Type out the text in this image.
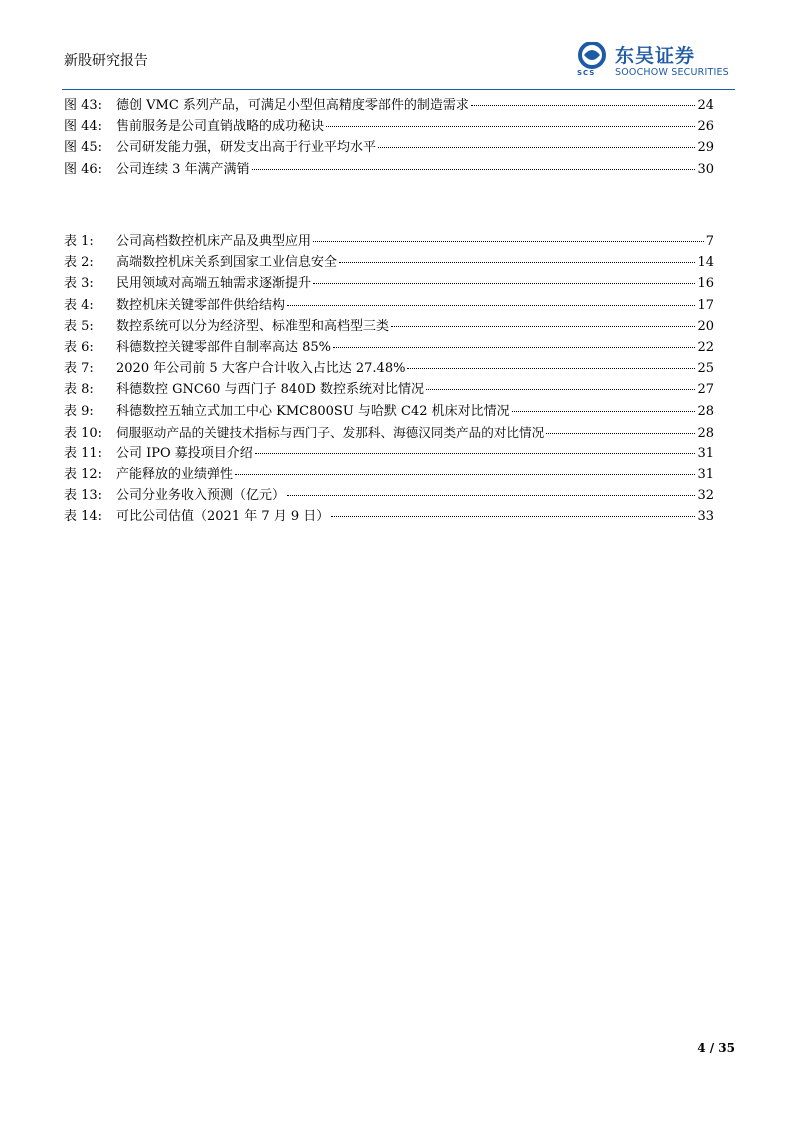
新股研究报告
SCS
东吴证券
SOOCHOW SECURITIES
图 43:	德创 VMC 系列产品，可满足小型但高精度零部件的制造需求	24
图 44:	售前服务是公司直销战略的成功秘诀	26
图 45:	公司研发能力强，研发支出高于行业平均水平	29
图 46:	公司连续 3 年满产满销	30
表 1:	公司高档数控机床产品及典型应用	7
表 2:	高端数控机床关系到国家工业信息安全	14
表 3:	民用领域对高端五轴需求逐渐提升	16
表 4:	数控机床关键零部件供给结构	17
表 5:	数控系统可以分为经济型、标准型和高档型三类	20
表 6:	科德数控关键零部件自制率高达 85%	22
表 7:	2020 年公司前 5 大客户合计收入占比达 27.48%	25
表 8:	科德数控 GNC60 与西门子 840D 数控系统对比情况	27
表 9:	科德数控五轴立式加工中心 KMC800SU 与哈默 C42 机床对比情况	28
表 10:	伺服驱动产品的关键技术指标与西门子、发那科、海德汉同类产品的对比情况	28
表 11:	公司 IPO 募投项目介绍	31
表 12:	产能释放的业绩弹性	31
表 13:	公司分业务收入预测（亿元）	32
表 14:	可比公司估值（2021 年 7 月 9 日）	33
4 / 35
